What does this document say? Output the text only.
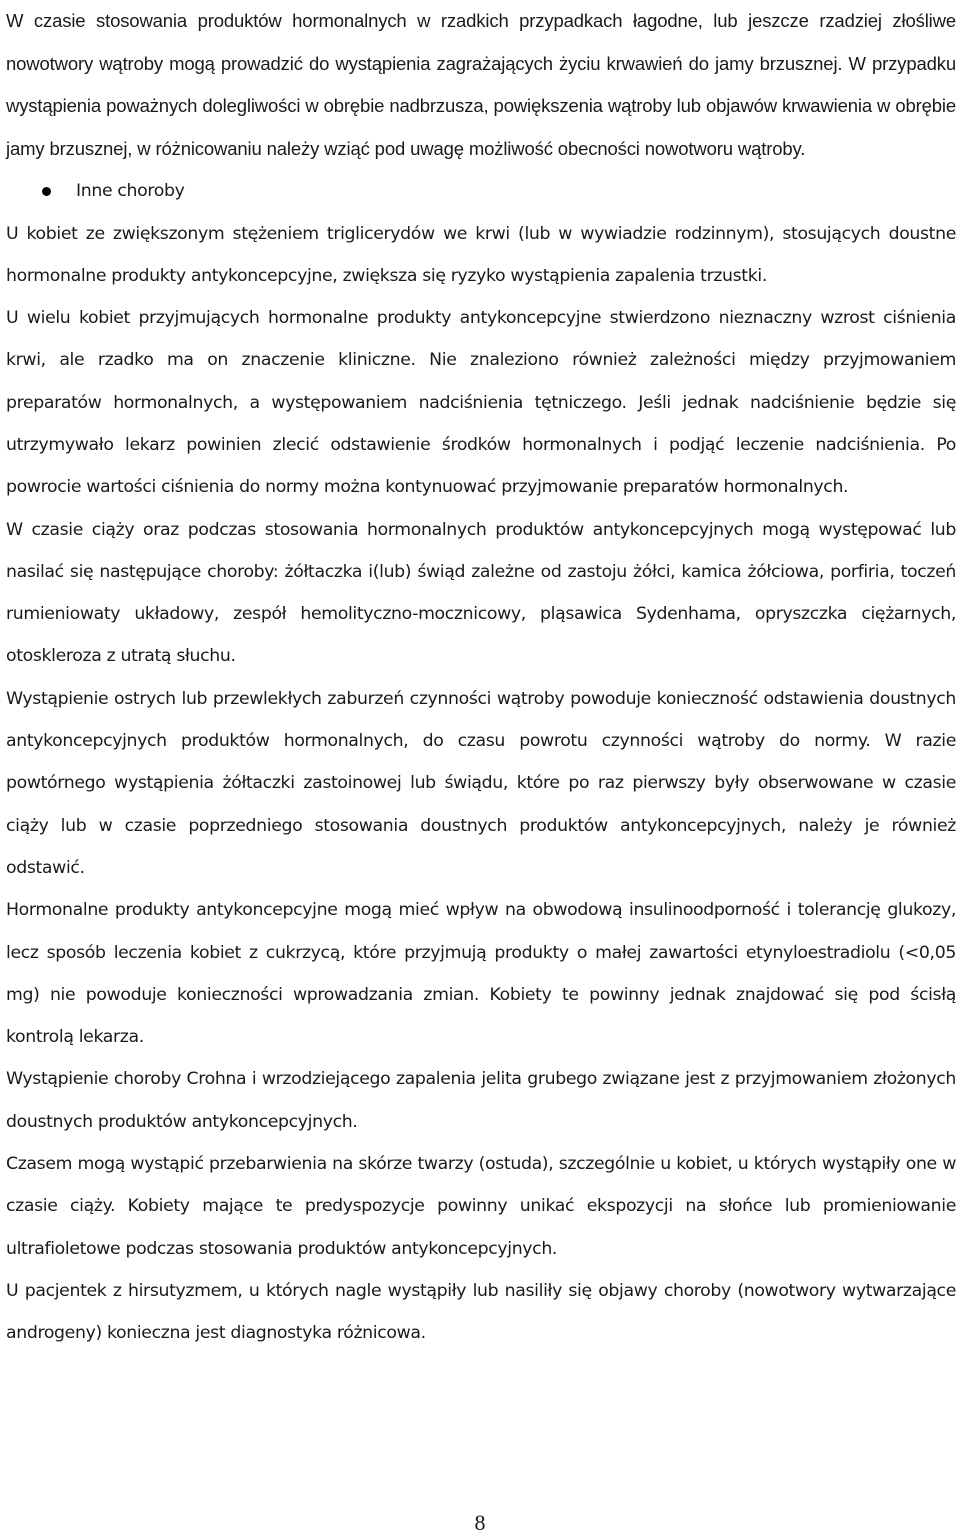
W czasie stosowania produktów hormonalnych w rzadkich przypadkach łagodne, lub jeszcze rzadziej złośliwe nowotwory wątroby mogą prowadzić do wystąpienia zagrażających życiu krwawień do jamy brzusznej. W przypadku wystąpienia poważnych dolegliwości w obrębie nadbrzusza, powiększenia wątroby lub objawów krwawienia w obrębie jamy brzusznej, w różnicowaniu należy wziąć pod uwagę możliwość obecności nowotworu wątroby.

Inne choroby

U kobiet ze zwiększonym stężeniem triglicerydów we krwi (lub w wywiadzie rodzinnym), stosujących doustne hormonalne produkty antykoncepcyjne, zwiększa się ryzyko wystąpienia zapalenia trzustki.

U wielu kobiet przyjmujących hormonalne produkty antykoncepcyjne stwierdzono nieznaczny wzrost ciśnienia krwi, ale rzadko ma on znaczenie kliniczne. Nie znaleziono również zależności między przyjmowaniem preparatów hormonalnych, a występowaniem nadciśnienia tętniczego. Jeśli jednak nadciśnienie będzie się utrzymywało lekarz powinien zlecić odstawienie środków hormonalnych i podjąć leczenie nadciśnienia. Po powrocie wartości ciśnienia do normy można kontynuować przyjmowanie preparatów hormonalnych.

W czasie ciąży oraz podczas stosowania hormonalnych produktów antykoncepcyjnych mogą występować lub nasilać się następujące choroby: żółtaczka i(lub) świąd zależne od zastoju żółci, kamica żółciowa, porfiria, toczeń rumieniowaty układowy, zespół hemolityczno-mocznicowy, pląsawica Sydenhama, opryszczka ciężarnych, otoskleroza z utratą słuchu.

Wystąpienie ostrych lub przewlekłych zaburzeń czynności wątroby powoduje konieczność odstawienia doustnych antykoncepcyjnych produktów hormonalnych, do czasu powrotu czynności wątroby do normy. W razie powtórnego wystąpienia żółtaczki zastoinowej lub świądu, które po raz pierwszy były obserwowane w czasie ciąży lub w czasie poprzedniego stosowania doustnych produktów antykoncepcyjnych, należy je również odstawić.

Hormonalne produkty antykoncepcyjne mogą mieć wpływ na obwodową insulinoodporność i tolerancję glukozy, lecz sposób leczenia kobiet z cukrzycą, które przyjmują produkty o małej zawartości etynyloestradiolu (<0,05 mg) nie powoduje konieczności wprowadzania zmian. Kobiety te powinny jednak znajdować się pod ścisłą kontrolą lekarza.

Wystąpienie choroby Crohna i wrzodziejącego zapalenia jelita grubego związane jest z przyjmowaniem złożonych doustnych produktów antykoncepcyjnych.

Czasem mogą wystąpić przebarwienia na skórze twarzy (ostuda), szczególnie u kobiet, u których wystąpiły one w czasie ciąży. Kobiety mające te predyspozycje powinny unikać ekspozycji na słońce lub promieniowanie ultrafioletowe podczas stosowania produktów antykoncepcyjnych.

U pacjentek z hirsutyzmem, u których nagle wystąpiły lub nasiliły się objawy choroby (nowotwory wytwarzające androgeny) konieczna jest diagnostyka różnicowa.

8
